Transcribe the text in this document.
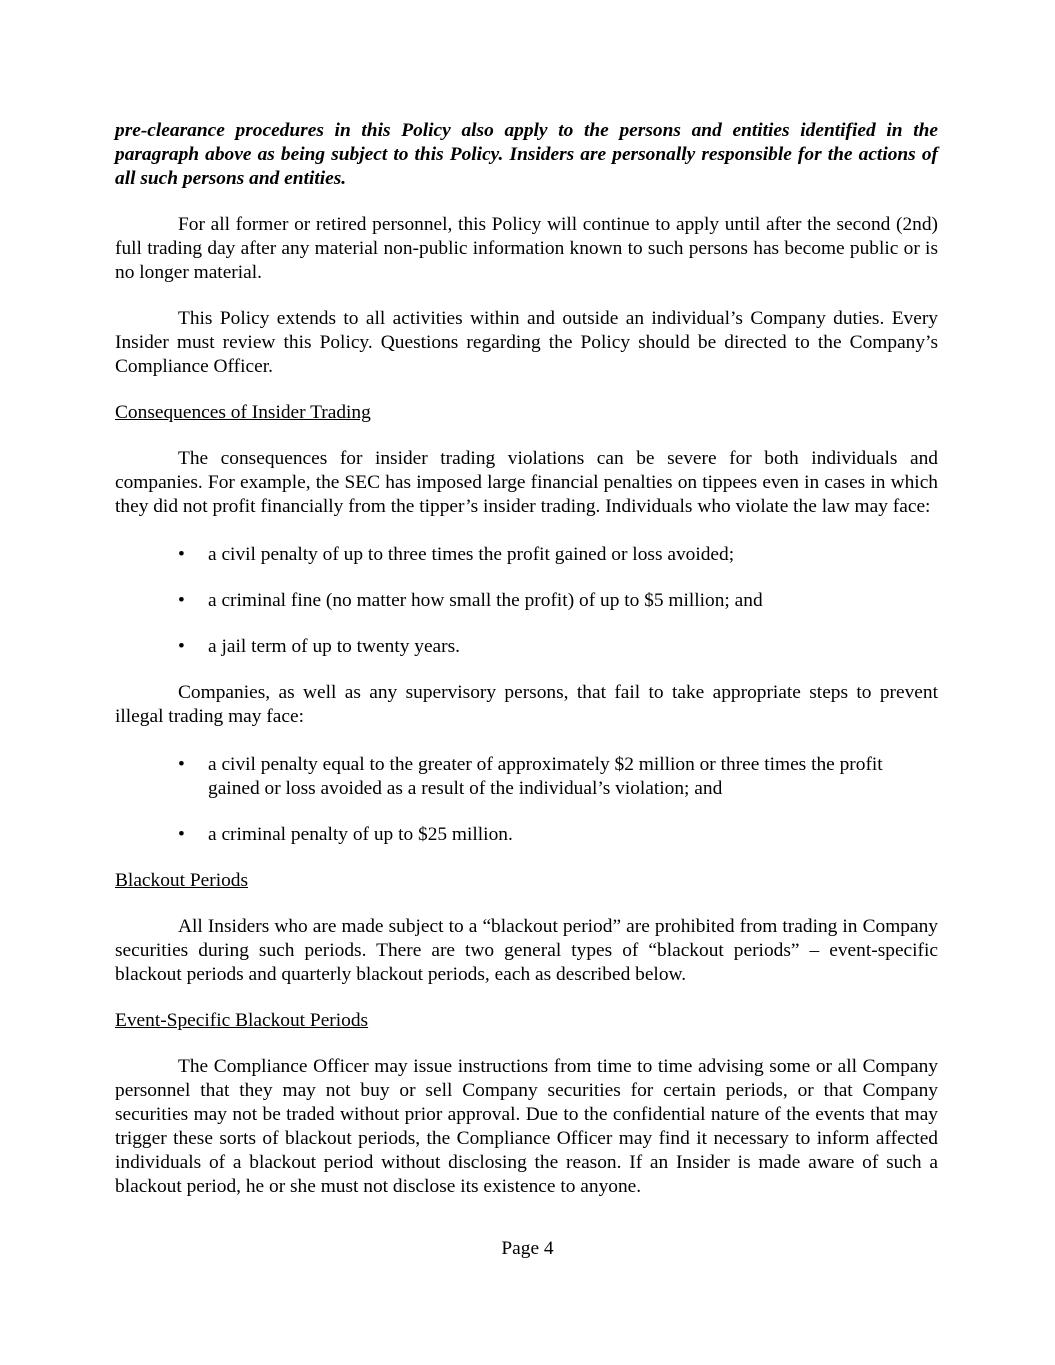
pre-clearance procedures in this Policy also apply to the persons and entities identified in the paragraph above as being subject to this Policy. Insiders are personally responsible for the actions of all such persons and entities.

For all former or retired personnel, this Policy will continue to apply until after the second (2nd) full trading day after any material non-public information known to such persons has become public or is no longer material.

This Policy extends to all activities within and outside an individual’s Company duties. Every Insider must review this Policy. Questions regarding the Policy should be directed to the Company’s Compliance Officer.

Consequences of Insider Trading

The consequences for insider trading violations can be severe for both individuals and companies. For example, the SEC has imposed large financial penalties on tippees even in cases in which they did not profit financially from the tipper’s insider trading. Individuals who violate the law may face:

• a civil penalty of up to three times the profit gained or loss avoided;
• a criminal fine (no matter how small the profit) of up to $5 million; and
• a jail term of up to twenty years.

Companies, as well as any supervisory persons, that fail to take appropriate steps to prevent illegal trading may face:

• a civil penalty equal to the greater of approximately $2 million or three times the profit gained or loss avoided as a result of the individual’s violation; and
• a criminal penalty of up to $25 million.

Blackout Periods

All Insiders who are made subject to a “blackout period” are prohibited from trading in Company securities during such periods. There are two general types of “blackout periods” – event-specific blackout periods and quarterly blackout periods, each as described below.

Event-Specific Blackout Periods

The Compliance Officer may issue instructions from time to time advising some or all Company personnel that they may not buy or sell Company securities for certain periods, or that Company securities may not be traded without prior approval. Due to the confidential nature of the events that may trigger these sorts of blackout periods, the Compliance Officer may find it necessary to inform affected individuals of a blackout period without disclosing the reason. If an Insider is made aware of such a blackout period, he or she must not disclose its existence to anyone.

Page 4
